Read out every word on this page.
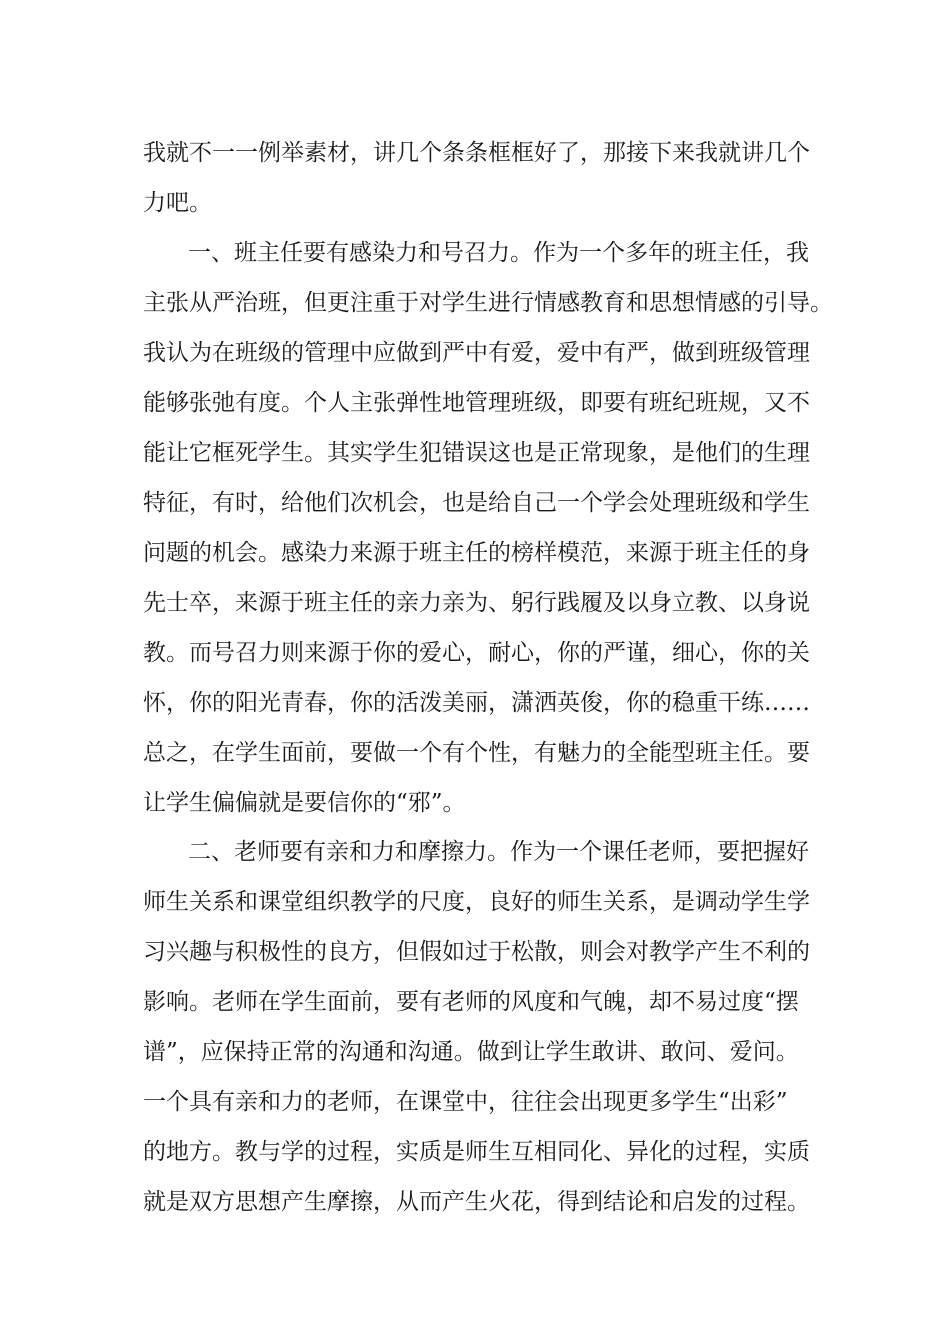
我就不一一例举素材，讲几个条条框框好了，那接下来我就讲几个
力吧。
一、班主任要有感染力和号召力。作为一个多年的班主任，我
主张从严治班，但更注重于对学生进行情感教育和思想情感的引导。
我认为在班级的管理中应做到严中有爱，爱中有严，做到班级管理
能够张弛有度。个人主张弹性地管理班级，即要有班纪班规，又不
能让它框死学生。其实学生犯错误这也是正常现象，是他们的生理
特征，有时，给他们次机会，也是给自己一个学会处理班级和学生
问题的机会。感染力来源于班主任的榜样模范，来源于班主任的身
先士卒，来源于班主任的亲力亲为、躬行践履及以身立教、以身说
教。而号召力则来源于你的爱心，耐心，你的严谨，细心，你的关
怀，你的阳光青春，你的活泼美丽，潇洒英俊，你的稳重干练……
总之，在学生面前，要做一个有个性，有魅力的全能型班主任。要
让学生偏偏就是要信你的“邪”。
二、老师要有亲和力和摩擦力。作为一个课任老师，要把握好
师生关系和课堂组织教学的尺度，良好的师生关系，是调动学生学
习兴趣与积极性的良方，但假如过于松散，则会对教学产生不利的
影响。老师在学生面前，要有老师的风度和气魄，却不易过度“摆
谱”，应保持正常的沟通和沟通。做到让学生敢讲、敢问、爱问。
一个具有亲和力的老师，在课堂中，往往会出现更多学生“出彩”
的地方。教与学的过程，实质是师生互相同化、异化的过程，实质
就是双方思想产生摩擦，从而产生火花，得到结论和启发的过程。
